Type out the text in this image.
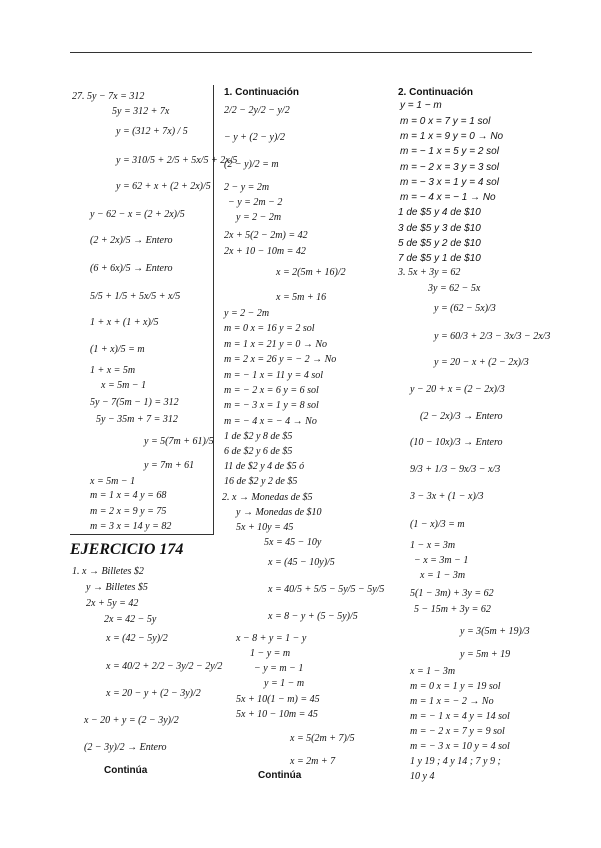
27. 5y − 7x = 312
5y = 312 + 7x
y = (312 + 7x) / 5
y = 310/5 + 2/5 + 5x/5 + 2x/5
y = 62 + x + (2 + 2x)/5
y − 62 − x = (2 + 2x)/5
(2 + 2x)/5 → Entero
(6 + 6x)/5 → Entero
5/5 + 1/5 + 5x/5 + x/5
1 + x + (1 + x)/5
(1 + x)/5 = m
1 + x = 5m
x = 5m − 1
5y − 7(5m − 1) = 312
5y − 35m + 7 = 312
y = 5(7m + 61)/5
y = 7m + 61
x = 5m − 1
m = 1 x = 4 y = 68
m = 2 x = 9 y = 75
m = 3 x = 14 y = 82
EJERCICIO 174
1. x → Billetes $2
y → Billetes $5
2x + 5y = 42
2x = 42 − 5y
x = (42 − 5y)/2
x = 40/2 + 2/2 − 3y/2 − 2y/2
x = 20 − y + (2 − 3y)/2
x − 20 + y = (2 − 3y)/2
(2 − 3y)/2 → Entero
Continúa
1. Continuación
2/2 − 2y/2 − y/2
− y + (2 − y)/2
(2 − y)/2 = m
2 − y = 2m
− y = 2m − 2
y = 2 − 2m
2x + 5(2 − 2m) = 42
2x + 10 − 10m = 42
x = 2(5m + 16)/2
x = 5m + 16
y = 2 − 2m
m = 0 x = 16 y = 2 sol
m = 1 x = 21 y = 0 → No
m = 2 x = 26 y = − 2 → No
m = − 1 x = 11 y = 4 sol
m = − 2 x = 6 y = 6 sol
m = − 3 x = 1 y = 8 sol
m = − 4 x = − 4 → No
1 de $2 y 8 de $5
6 de $2 y 6 de $5
11 de $2 y 4 de $5 ó
16 de $2 y 2 de $5
2. x → Monedas de $5
y → Monedas de $10
5x + 10y = 45
5x = 45 − 10y
x = (45 − 10y)/5
x = 40/5 + 5/5 − 5y/5 − 5y/5
x = 8 − y + (5 − 5y)/5
x − 8 + y = 1 − y
1 − y = m
− y = m − 1
y = 1 − m
5x + 10(1 − m) = 45
5x + 10 − 10m = 45
x = 5(2m + 7)/5
x = 2m + 7
Continúa
2. Continuación
y = 1 − m
m = 0 x = 7 y = 1 sol
m = 1 x = 9 y = 0 → No
m = − 1 x = 5 y = 2 sol
m = − 2 x = 3 y = 3 sol
m = − 3 x = 1 y = 4 sol
m = − 4 x = − 1 → No
1 de $5 y 4 de $10
3 de $5 y 3 de $10
5 de $5 y 2 de $10
7 de $5 y 1 de $10
3. 5x + 3y = 62
3y = 62 − 5x
y = (62 − 5x)/3
y = 60/3 + 2/3 − 3x/3 − 2x/3
y = 20 − x + (2 − 2x)/3
y − 20 + x = (2 − 2x)/3
(2 − 2x)/3 → Entero
(10 − 10x)/3 → Entero
9/3 + 1/3 − 9x/3 − x/3
3 − 3x + (1 − x)/3
(1 − x)/3 = m
1 − x = 3m
− x = 3m − 1
x = 1 − 3m
5(1 − 3m) + 3y = 62
5 − 15m + 3y = 62
y = 3(5m + 19)/3
y = 5m + 19
x = 1 − 3m
m = 0 x = 1 y = 19 sol
m = 1 x = − 2 → No
m = − 1 x = 4 y = 14 sol
m = − 2 x = 7 y = 9 sol
m = − 3 x = 10 y = 4 sol
1 y 19 ; 4 y 14 ; 7 y 9 ;
10 y 4
